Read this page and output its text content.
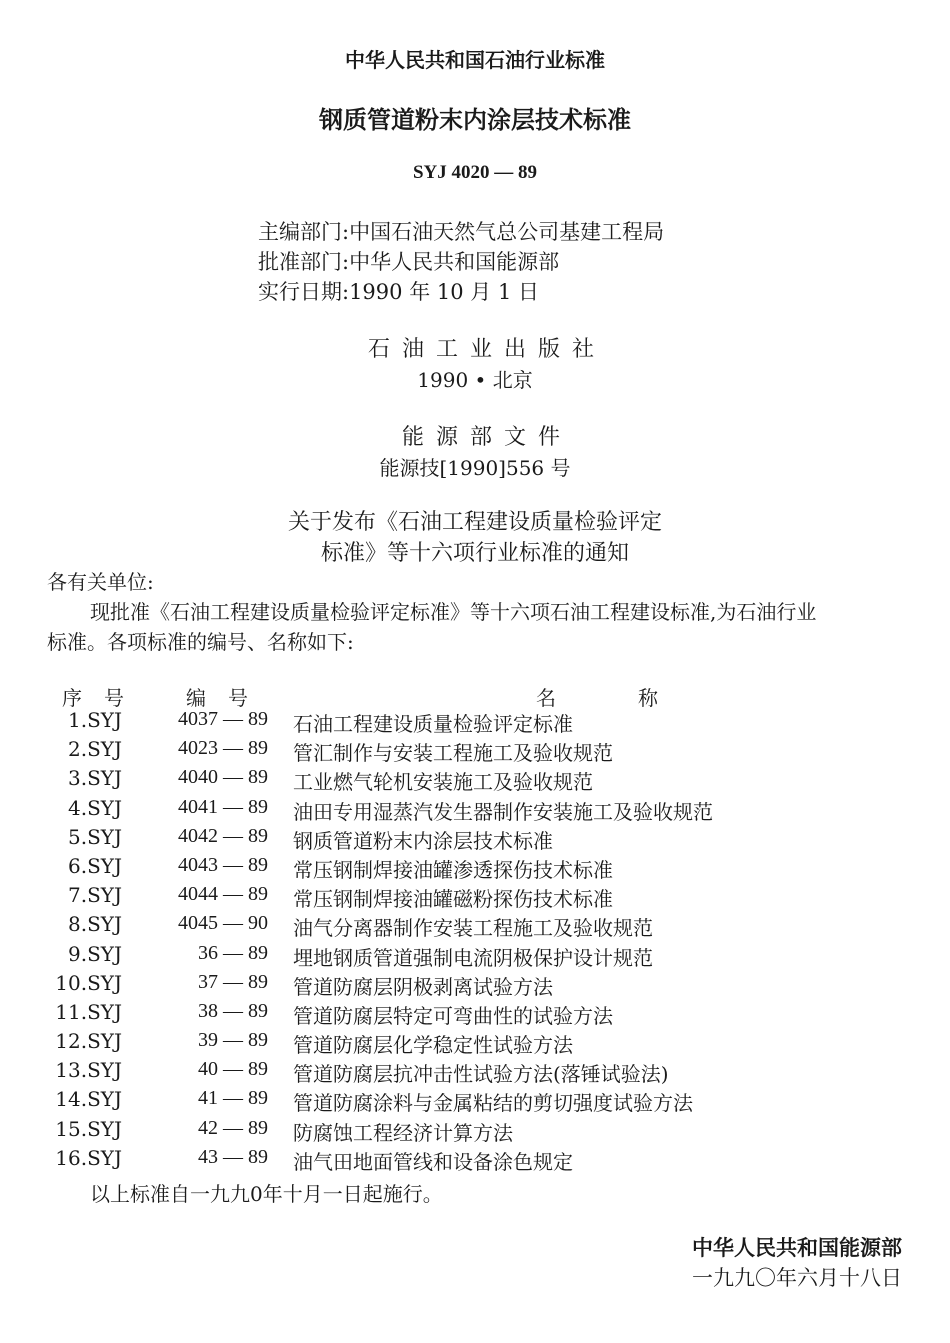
中华人民共和国石油行业标准
钢质管道粉末内涂层技术标准
SYJ 4020 — 89
主编部门:中国石油天然气总公司基建工程局
批准部门:中华人民共和国能源部
实行日期:1990 年 10 月 1 日
石油工业出版社
1990 • 北京
能源部文件
能源技[1990]556 号
关于发布《石油工程建设质量检验评定
标准》等十六项行业标准的通知
各有关单位:
现批准《石油工程建设质量检验评定标准》等十六项石油工程建设标准,为石油行业
标准。各项标准的编号、名称如下:
序号 编号	名称
1.SYJ	4037 — 89 石油工程建设质量检验评定标准
2.SYJ	4023 — 89 管汇制作与安装工程施工及验收规范
3.SYJ	4040 — 89 工业燃气轮机安装施工及验收规范
4.SYJ	4041 — 89 油田专用湿蒸汽发生器制作安装施工及验收规范
5.SYJ	4042 — 89 钢质管道粉末内涂层技术标准
6.SYJ	4043 — 89 常压钢制焊接油罐渗透探伤技术标准
7.SYJ	4044 — 89 常压钢制焊接油罐磁粉探伤技术标准
8.SYJ	4045 — 90 油气分离器制作安装工程施工及验收规范
9.SYJ	36 — 89 埋地钢质管道强制电流阴极保护设计规范
10.SYJ	37 — 89 管道防腐层阴极剥离试验方法
11.SYJ	38 — 89 管道防腐层特定可弯曲性的试验方法
12.SYJ	39 — 89 管道防腐层化学稳定性试验方法
13.SYJ	40 — 89 管道防腐层抗冲击性试验方法(落锤试验法)
14.SYJ	41 — 89 管道防腐涂料与金属粘结的剪切强度试验方法
15.SYJ	42 — 89 防腐蚀工程经济计算方法
16.SYJ	43 — 89 油气田地面管线和设备涂色规定
以上标准自一九九0年十月一日起施行。
中华人民共和国能源部
一九九〇年六月十八日
